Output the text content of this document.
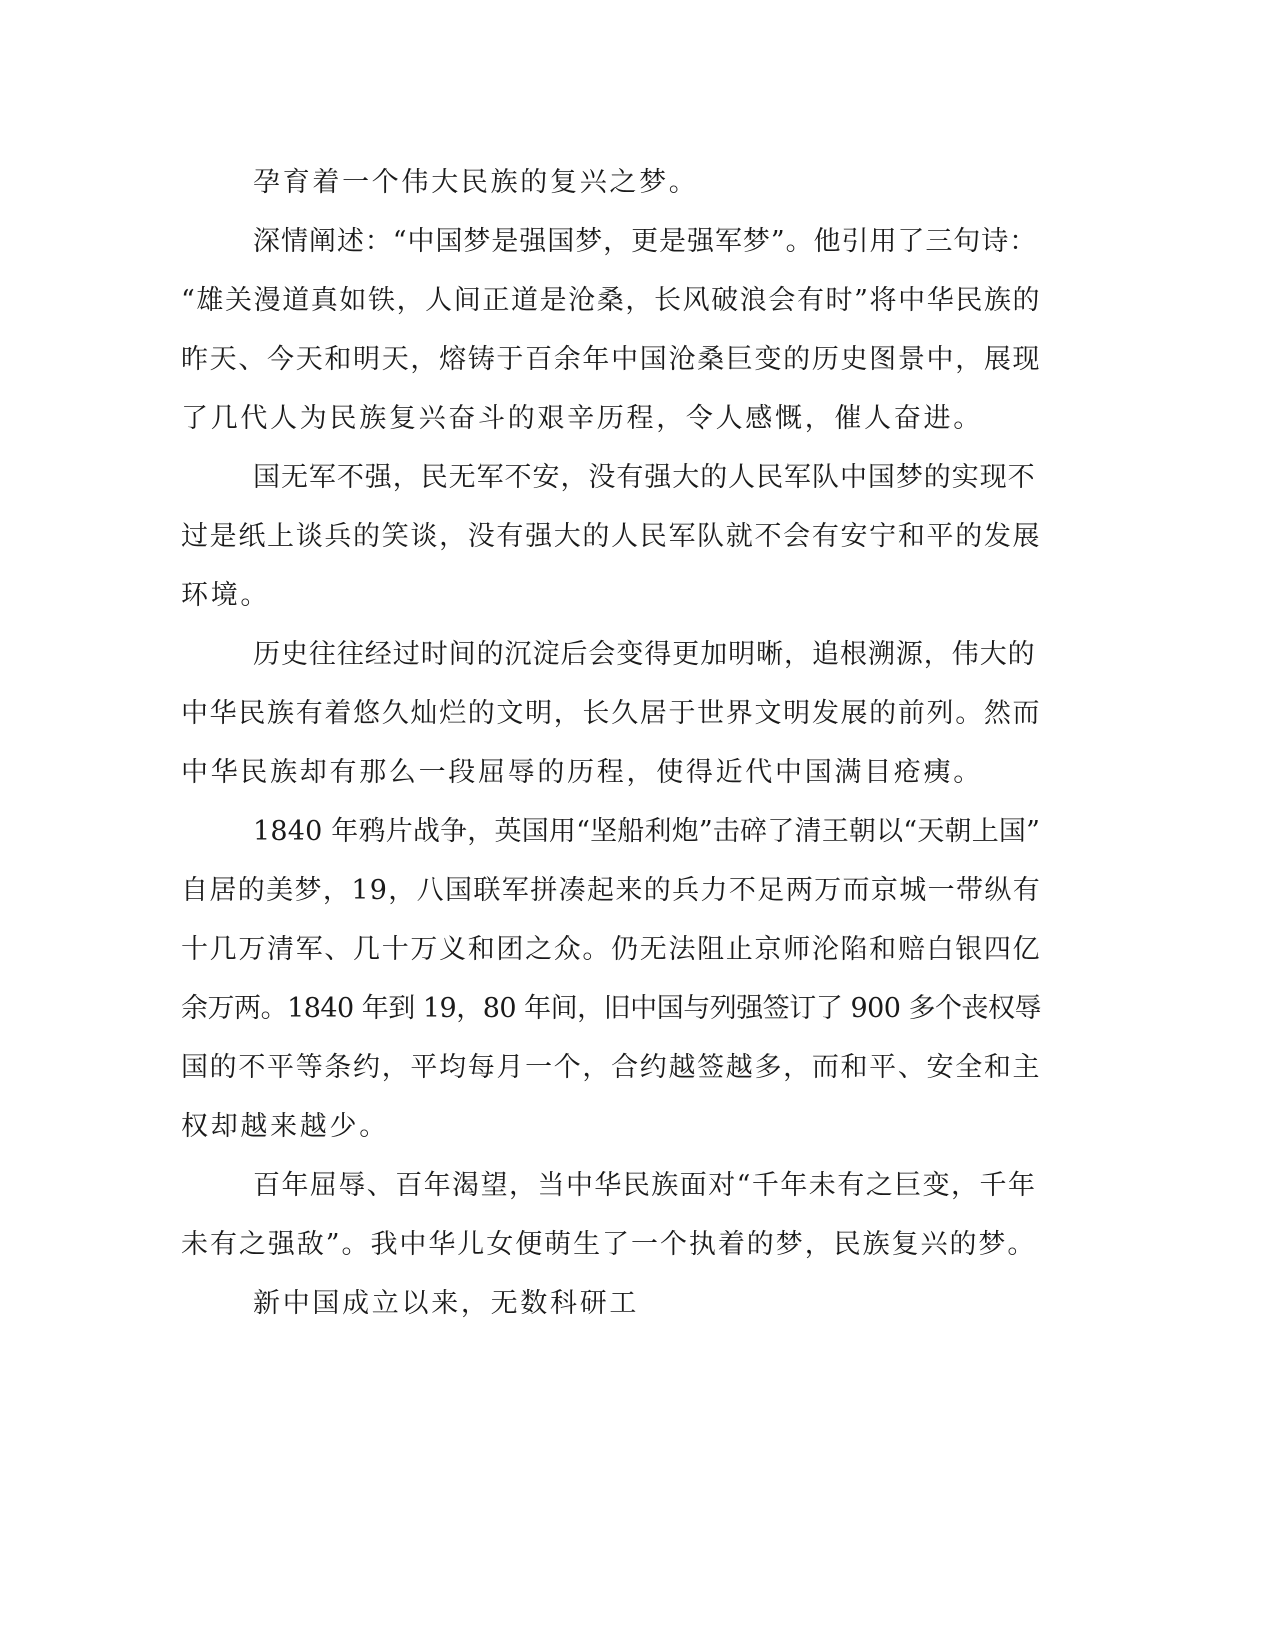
孕育着一个伟大民族的复兴之梦。
深情阐述：“中国梦是强国梦，更是强军梦”。他引用了三句诗：
“雄关漫道真如铁，人间正道是沧桑，长风破浪会有时”将中华民族的
昨天、今天和明天，熔铸于百余年中国沧桑巨变的历史图景中，展现
了几代人为民族复兴奋斗的艰辛历程，令人感慨，催人奋进。
国无军不强，民无军不安，没有强大的人民军队中国梦的实现不
过是纸上谈兵的笑谈，没有强大的人民军队就不会有安宁和平的发展
环境。
历史往往经过时间的沉淀后会变得更加明晰，追根溯源，伟大的
中华民族有着悠久灿烂的文明，长久居于世界文明发展的前列。然而
中华民族却有那么一段屈辱的历程，使得近代中国满目疮痍。
1840 年鸦片战争，英国用“坚船利炮”击碎了清王朝以“天朝上国”
自居的美梦，19，八国联军拼凑起来的兵力不足两万而京城一带纵有
十几万清军、几十万义和团之众。仍无法阻止京师沦陷和赔白银四亿
余万两。1840 年到 19，80 年间，旧中国与列强签订了 900 多个丧权辱
国的不平等条约，平均每月一个，合约越签越多，而和平、安全和主
权却越来越少。
百年屈辱、百年渴望，当中华民族面对“千年未有之巨变，千年
未有之强敌”。我中华儿女便萌生了一个执着的梦，民族复兴的梦。
新中国成立以来，无数科研工
